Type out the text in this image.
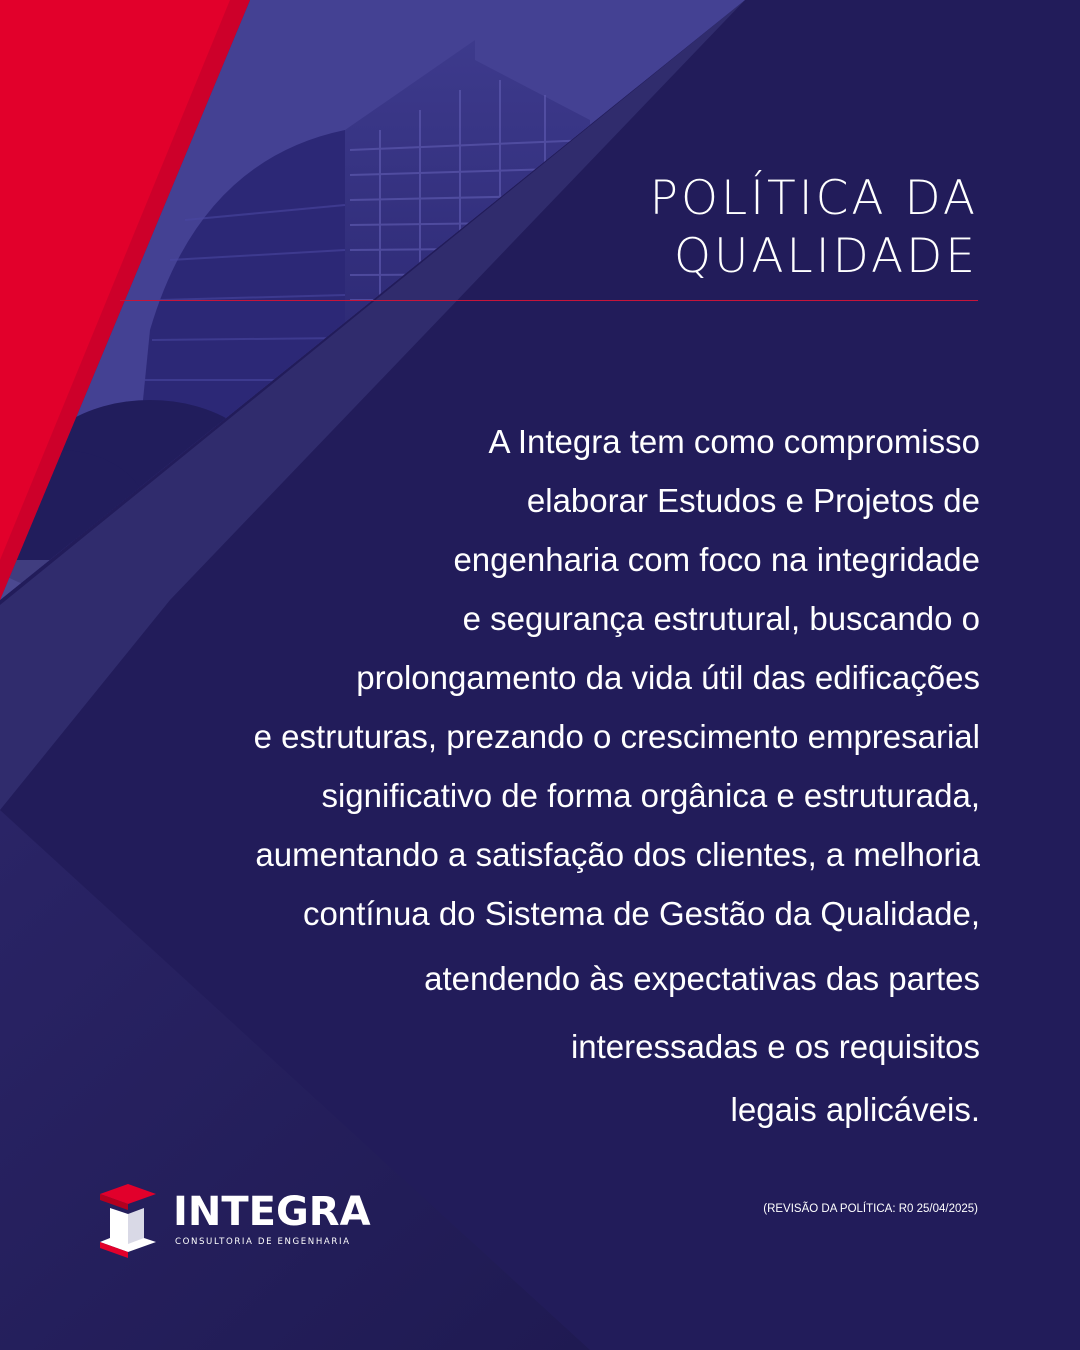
POLÍTICA DA
QUALIDADE
A Integra tem como compromisso
elaborar Estudos e Projetos de
engenharia com foco na integridade
e segurança estrutural, buscando o
prolongamento da vida útil das edificações
e estruturas, prezando o crescimento empresarial
significativo de forma orgânica e estruturada,
aumentando a satisfação dos clientes, a melhoria
contínua do Sistema de Gestão da Qualidade,
atendendo às expectativas das partes
interessadas e os requisitos
legais aplicáveis.
(REVISÃO DA POLÍTICA: R0 25/04/2025)
INTEGRA
CONSULTORIA DE ENGENHARIA
